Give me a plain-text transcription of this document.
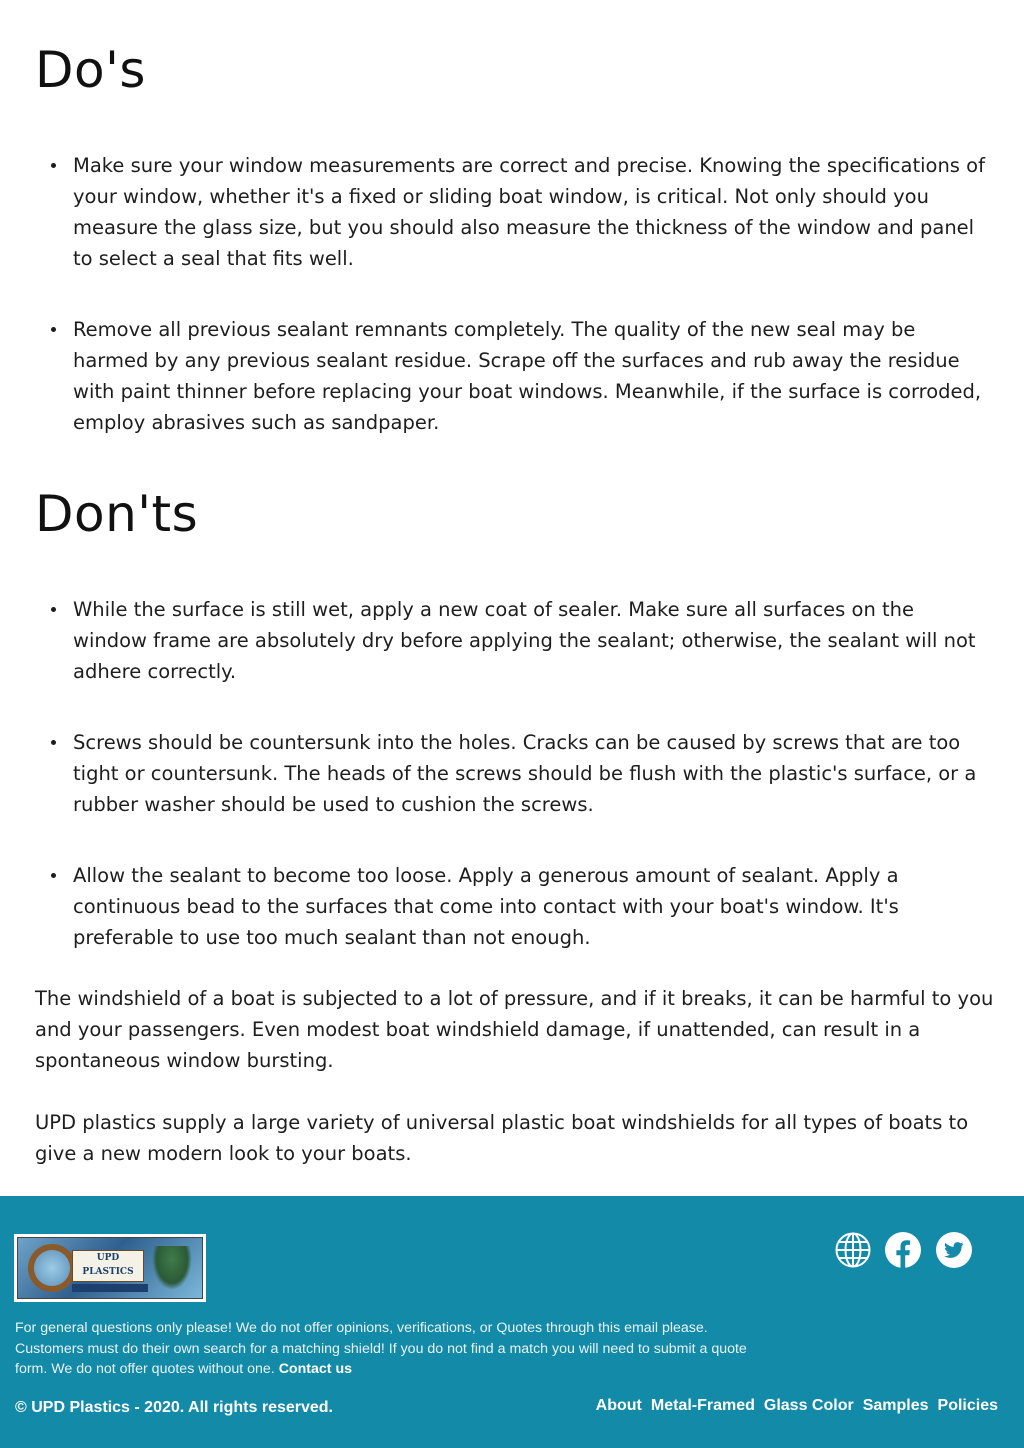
Do's
Make sure your window measurements are correct and precise. Knowing the specifications of your window, whether it's a fixed or sliding boat window, is critical. Not only should you measure the glass size, but you should also measure the thickness of the window and panel to select a seal that fits well.
Remove all previous sealant remnants completely. The quality of the new seal may be harmed by any previous sealant residue. Scrape off the surfaces and rub away the residue with paint thinner before replacing your boat windows. Meanwhile, if the surface is corroded, employ abrasives such as sandpaper.
Don'ts
While the surface is still wet, apply a new coat of sealer. Make sure all surfaces on the window frame are absolutely dry before applying the sealant; otherwise, the sealant will not adhere correctly.
Screws should be countersunk into the holes. Cracks can be caused by screws that are too tight or countersunk. The heads of the screws should be flush with the plastic's surface, or a rubber washer should be used to cushion the screws.
Allow the sealant to become too loose. Apply a generous amount of sealant. Apply a continuous bead to the surfaces that come into contact with your boat's window. It's preferable to use too much sealant than not enough.

The windshield of a boat is subjected to a lot of pressure, and if it breaks, it can be harmful to you and your passengers. Even modest boat windshield damage, if unattended, can result in a spontaneous window bursting.

UPD plastics supply a large variety of universal plastic boat windshields for all types of boats to give a new modern look to your boats.

UPD
PLASTICS

For general questions only please! We do not offer opinions, verifications, or Quotes through this email please. Customers must do their own search for a matching shield! If you do not find a match you will need to submit a quote form. We do not offer quotes without one. Contact us

© UPD Plastics - 2020. All rights reserved.	About Metal-Framed Glass Color Samples Policies
